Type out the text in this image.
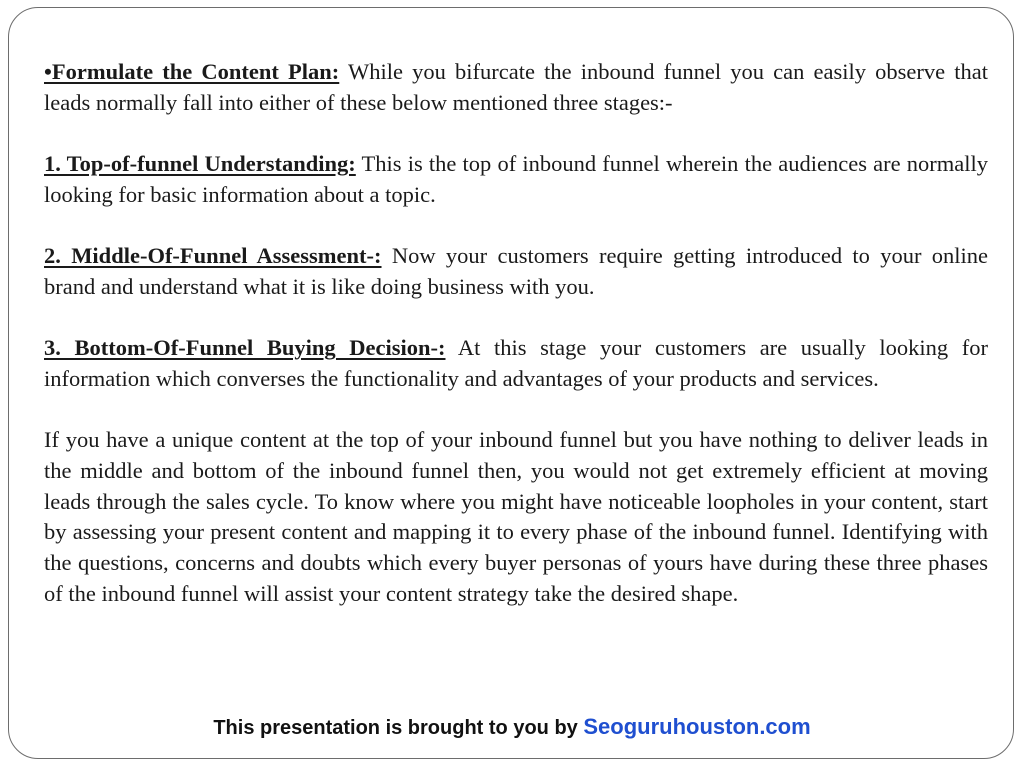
•Formulate the Content Plan: While you bifurcate the inbound funnel you can easily observe that leads normally fall into either of these below mentioned three stages:-

1. Top-of-funnel Understanding: This is the top of inbound funnel wherein the audiences are normally looking for basic information about a topic.

2. Middle-Of-Funnel Assessment-: Now your customers require getting introduced to your online brand and understand what it is like doing business with you.

3. Bottom-Of-Funnel Buying Decision-: At this stage your customers are usually looking for information which converses the functionality and advantages of your products and services.

If you have a unique content at the top of your inbound funnel but you have nothing to deliver leads in the middle and bottom of the inbound funnel then, you would not get extremely efficient at moving leads through the sales cycle. To know where you might have noticeable loopholes in your content, start by assessing your present content and mapping it to every phase of the inbound funnel. Identifying with the questions, concerns and doubts which every buyer personas of yours have during these three phases of the inbound funnel will assist your content strategy take the desired shape.

This presentation is brought to you by Seoguruhouston.com
